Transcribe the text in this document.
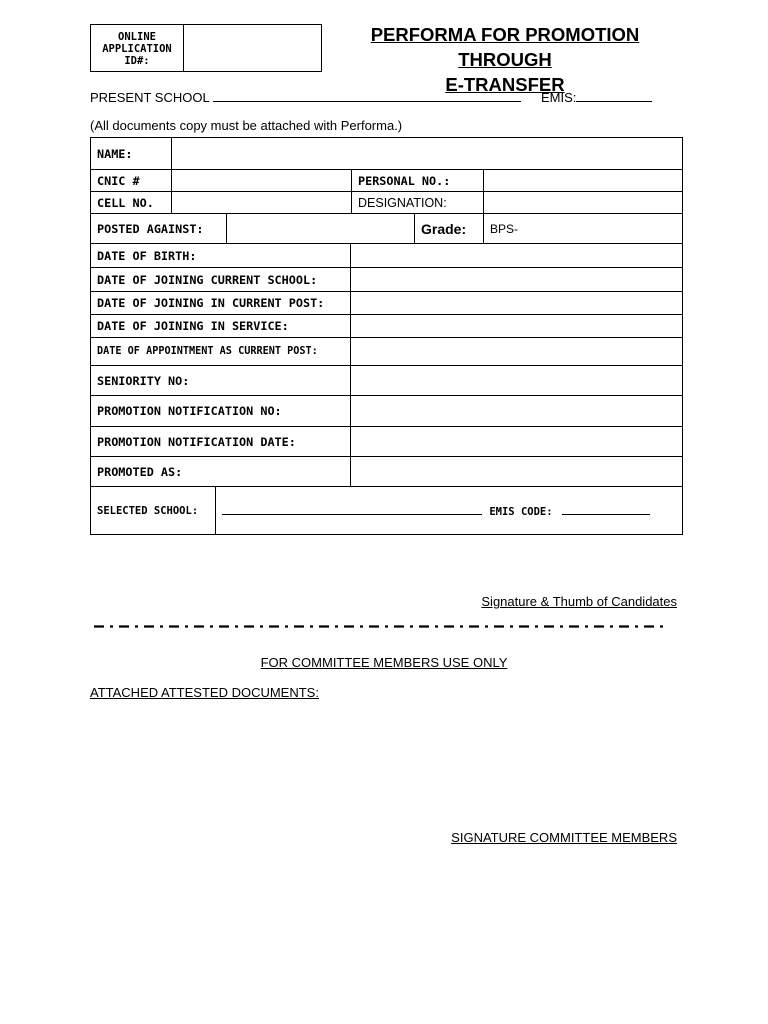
ONLINE APPLICATION ID#:
PERFORMA FOR PROMOTION THROUGH
E-TRANSFER
PRESENT SCHOOL	EMIS:
(All documents copy must be attached with Performa.)
NAME:					
CNIC #			PERSONAL NO.:		
CELL NO.			DESIGNATION:		
POSTED AGAINST:				Grade:	BPS-
DATE OF BIRTH:	
DATE OF JOINING CURRENT SCHOOL:	
DATE OF JOINING IN CURRENT POST:	
DATE OF JOINING IN SERVICE:	
DATE OF APPOINTMENT AS CURRENT POST:	
SENIORITY NO:	
PROMOTION NOTIFICATION NO:	
PROMOTION NOTIFICATION DATE:	
PROMOTED AS:	
SELECTED SCHOOL:	EMIS CODE:
Signature & Thumb of Candidates
FOR COMMITTEE MEMBERS USE ONLY
ATTACHED ATTESTED DOCUMENTS:
SIGNATURE COMMITTEE MEMBERS
